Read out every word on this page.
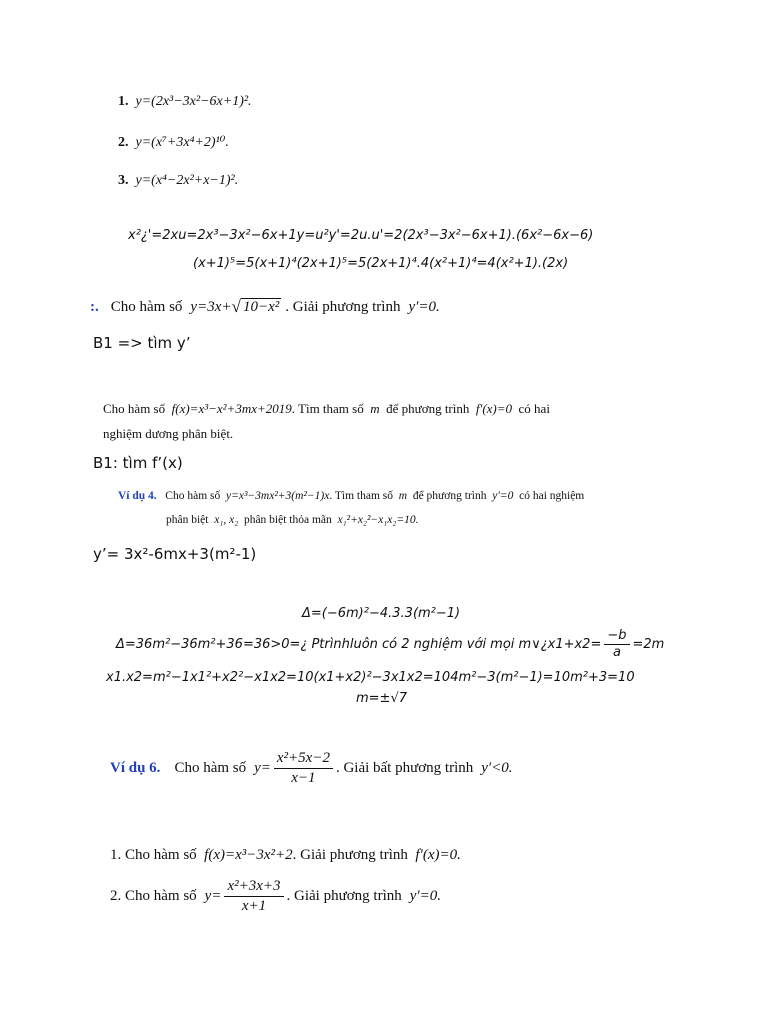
1. y=(2x³−3x²−6x+1)².
2. y=(x⁷+3x⁴+2)¹⁰.
3. y=(x⁴−2x²+x−1)².
x²¿'=2xu=2x³−3x²−6x+1y=u²y'=2u.u'=2(2x³−3x²−6x+1).(6x²−6x−6)
(x+1)⁵=5(x+1)⁴(2x+1)⁵=5(2x+1)⁴.4(x²+1)⁴=4(x²+1).(2x)
:. Cho hàm số y=3x+ √ 10−x² . Giải phương trình y′=0.
B1 => tìm y’
Cho hàm số f(x)=x³−x²+3mx+2019. Tìm tham số m để phương trình f′(x)=0 có hai
nghiệm dương phân biệt.
B1: tìm f’(x)
Ví dụ 4. Cho hàm số y=x³−3mx²+3(m²−1)x. Tìm tham số m để phương trình y′=0 có hai nghiệm
phân biệt x₁, x₂ phân biệt thỏa mãn x₁²+x₂²−x₁x₂=10.
y’= 3x²-6mx+3(m²-1)
Δ=(−6m)²−4.3.3(m²−1)
Δ=36m²−36m²+36=36>0=¿ Ptrìnhluôn có 2 nghiệm với mọi m∨¿x1+x2= $\frac{-b}{a} =2m$
x1.x2=m²−1x1²+x2²−x1x2=10(x1+x2)²−3x1x2=104m²−3(m²−1)=10m²+3=10
m=±√7
Ví dụ 6. Cho hàm số $y= \frac{\text{x²+5x−2}}{x-1}$ . Giải bất phương trình y′<0.
1. Cho hàm số f(x)=x³−3x²+2. Giải phương trình f′(x)=0.
2. Cho hàm số $y= \frac{\text{x²+3x+3}}{x+1}$ . Giải phương trình y′=0.
